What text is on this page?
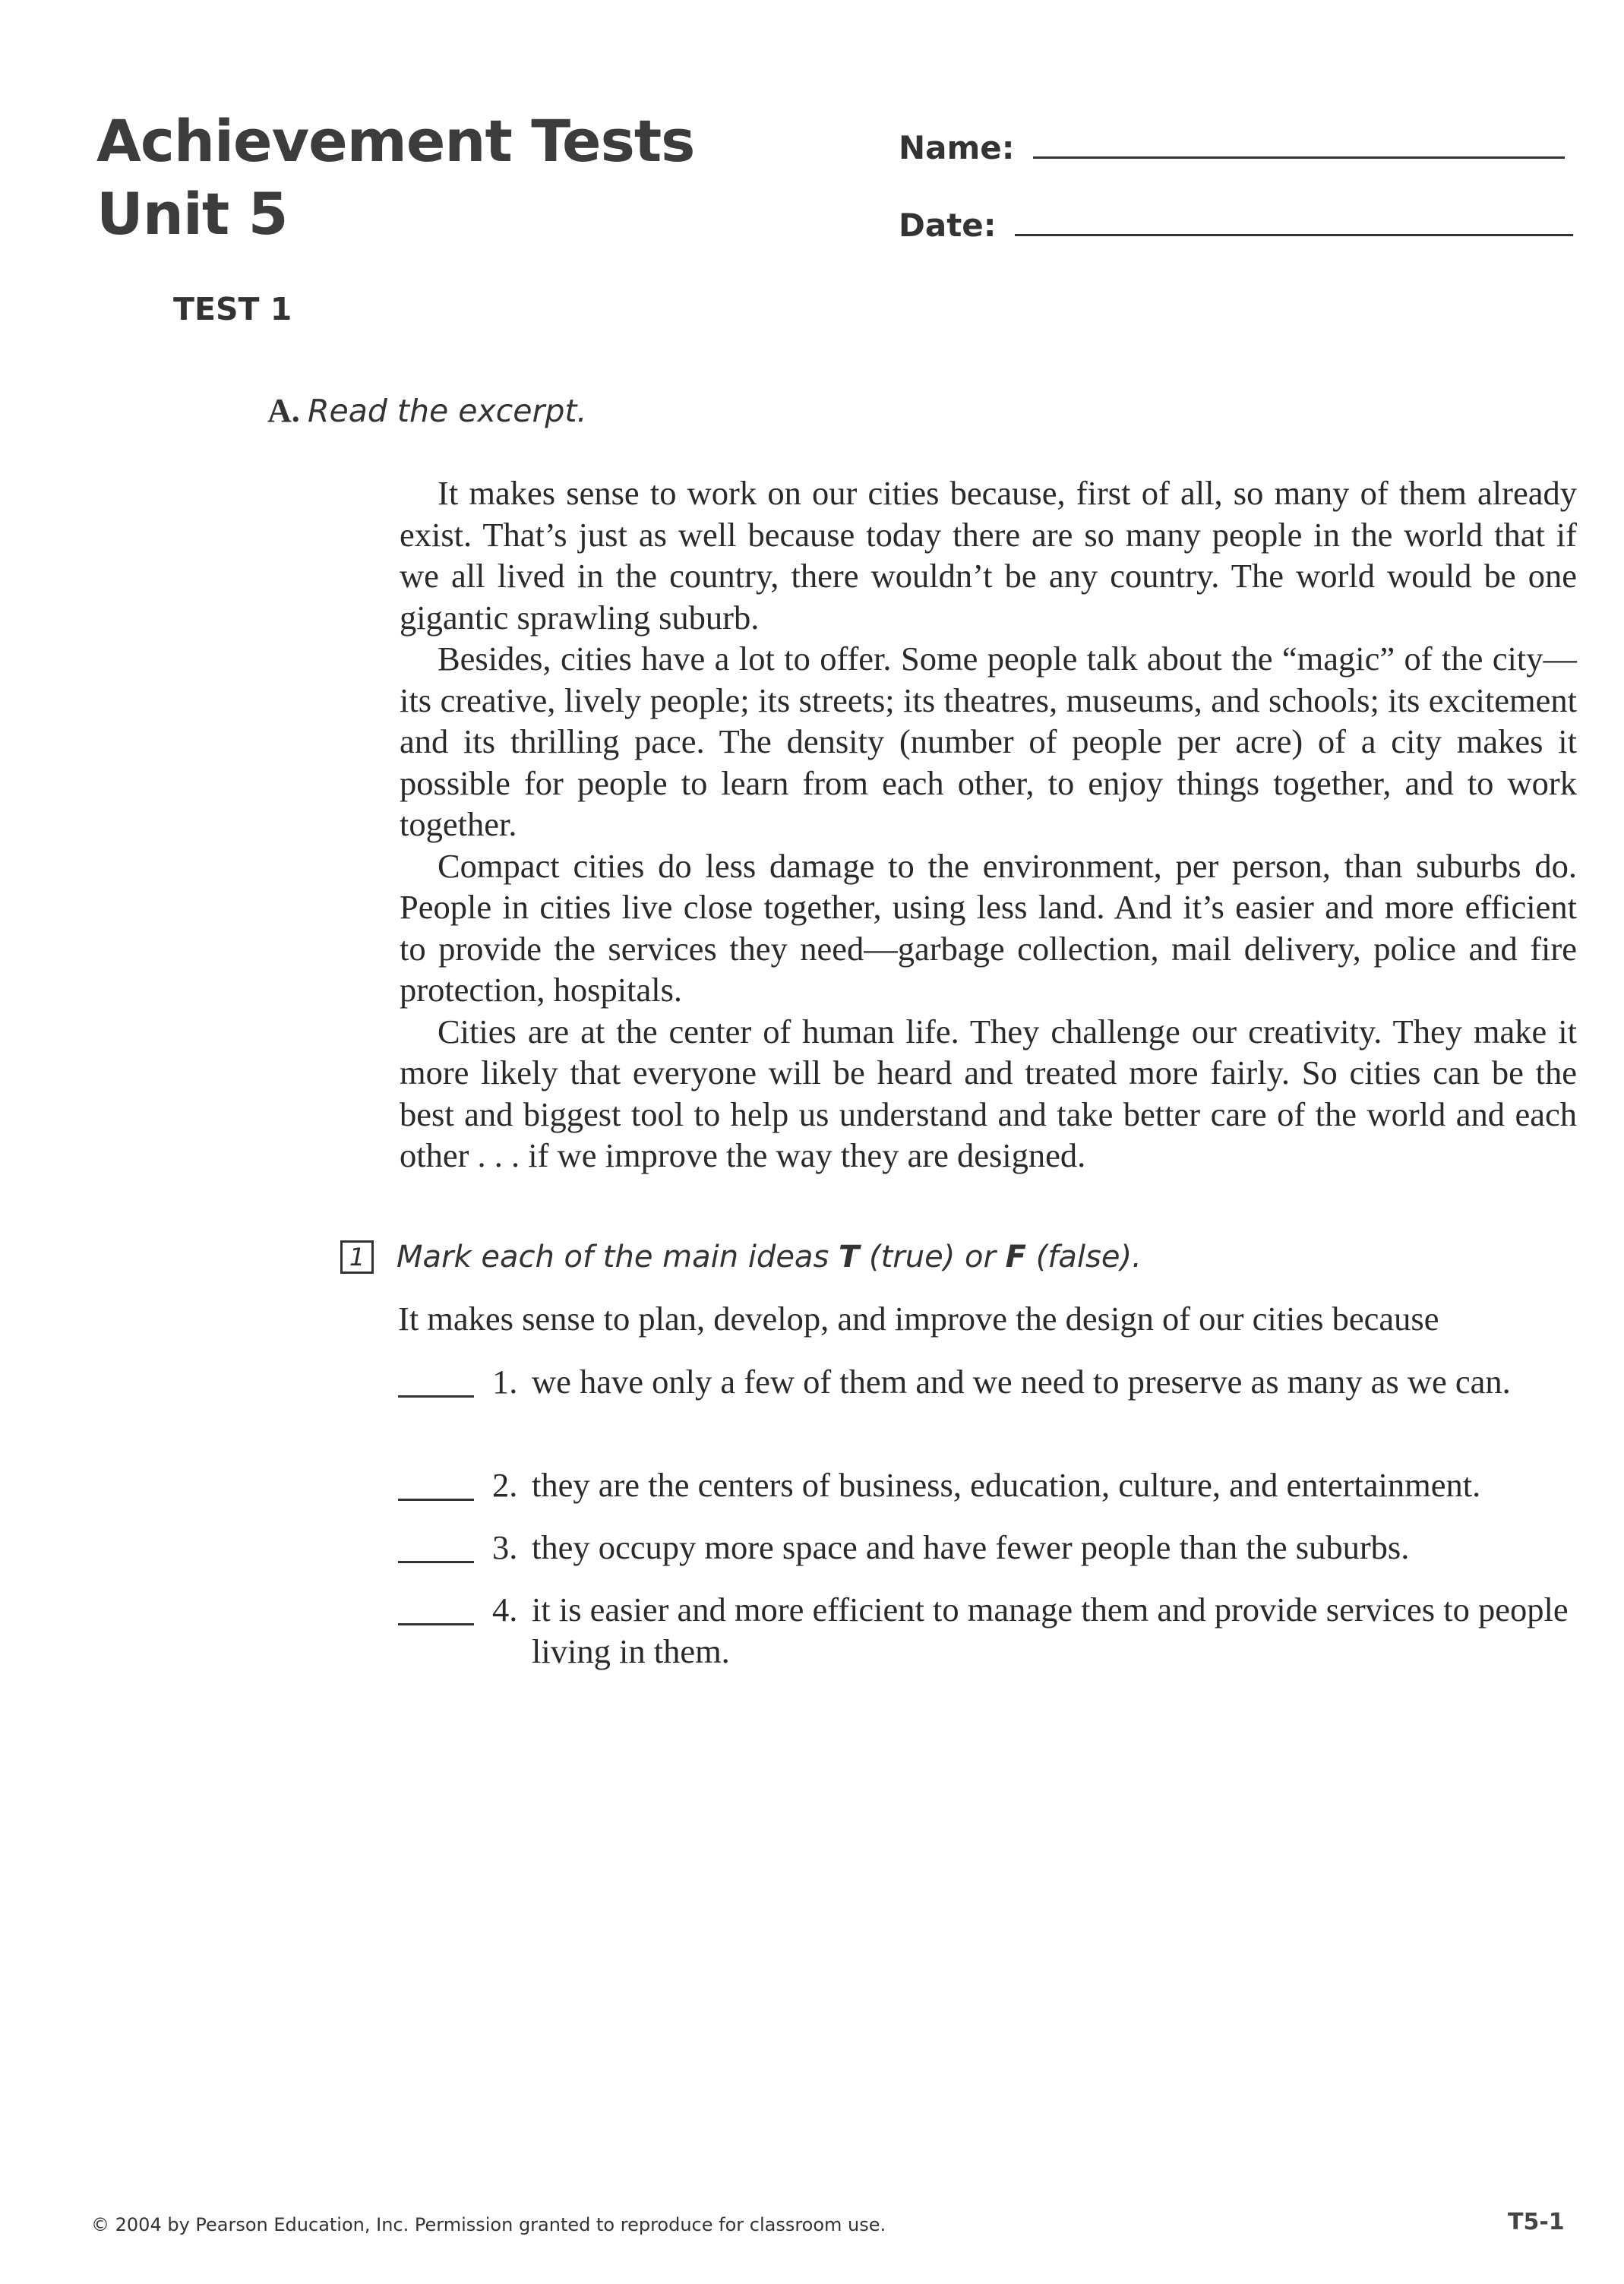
Achievement Tests
Unit 5
Name:
Date:
TEST 1
A. Read the excerpt.

It makes sense to work on our cities because, first of all, so many of them already exist. That’s just as well because today there are so many people in the world that if we all lived in the country, there wouldn’t be any country. The world would be one gigantic sprawling suburb.

Besides, cities have a lot to offer. Some people talk about the “magic” of the city—its creative, lively people; its streets; its theatres, museums, and schools; its excitement and its thrilling pace. The density (number of people per acre) of a city makes it possible for people to learn from each other, to enjoy things together, and to work together.

Compact cities do less damage to the environment, per person, than suburbs do. People in cities live close together, using less land. And it’s easier and more efficient to provide the services they need—garbage collection, mail delivery, police and fire protection, hospitals.

Cities are at the center of human life. They challenge our creativity. They make it more likely that everyone will be heard and treated more fairly. So cities can be the best and biggest tool to help us understand and take better care of the world and each other . . . if we improve the way they are designed.

1 Mark each of the main ideas T (true) or F (false).
It makes sense to plan, develop, and improve the design of our cities because
1. we have only a few of them and we need to preserve as many as we can.
2. they are the centers of business, education, culture, and entertainment.
3. they occupy more space and have fewer people than the suburbs.
4. it is easier and more efficient to manage them and provide services to people living in them.
© 2004 by Pearson Education, Inc. Permission granted to reproduce for classroom use.	T5-1
